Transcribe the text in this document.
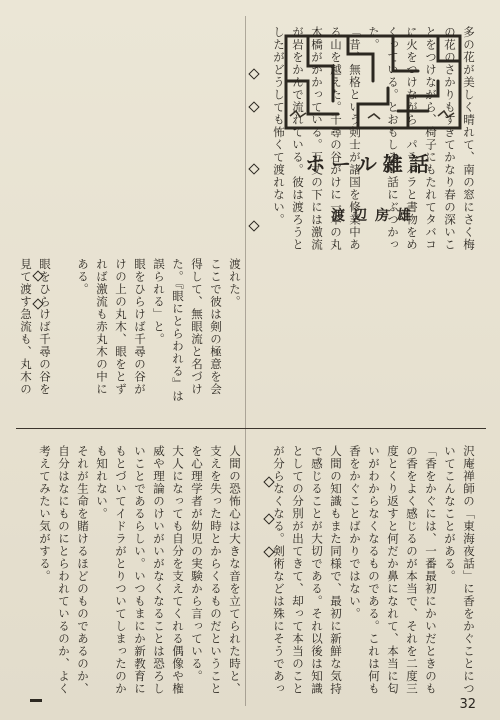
多の花が美しく晴れて、南の窓にさく梅の花のさかりもすぎてかなり春の深いことをつけながら、椅子にもたれてタバコに火をつけながら、パラパラと書物をめくっている。とおもしろい話にぶつかった。
「昔、無格という剣士が諸国を修業中ある山を越えた。千尋の谷がけに一本の丸木橋がかかっている。万丈の下には激流が岩をかんで流れている。彼は渡ろうとしたがどうしても怖くて渡れない。

渡れた。
ここで彼は剣の極意を会得して、無眼流と名づけた。『眼にとらわれる』は誤られる」と。
眼をひらけば千尋の谷がけの上の丸木、眼をとずれば激流も赤丸木の中にある。

眼をひらけば千尋の谷を見て渡す急流も、丸木の

沢庵禅師の「東海夜話」に香をかぐことについてこんなことがある。
「香をかぐには、一番最初にかいだときのもの香をよく感じるのが本当で、それを二度三度とくり返すと何だか鼻になれて、本当に匂いがわからなくなるものである。これは何も香をかぐことばかりではない。
人間の知識もまた同様で、最初に新鮮な気持で感じることが大切である。それ以後は知識としての分別が出てきて、却って本当のことが分らなくなる。剣術などは殊にそうであっ
人間の恐怖心は大きな音を立てられた時と、支えを失った時とからくるものだということを心理学者が幼児の実験から言っている。
大人になっても自分を支えてくれる偶像や権威や理論のけいがいがなくなることは恐ろしいことであるらしい。いつもまにか新教育にもとづいてイドラがとりついてしまったのかも知れない。
それが生命を賭けるほどのものであるのか、自分はなにものにとらわれているのか、よく考えてみたい気がする。

ホール雑話
渡辺房雄
32
